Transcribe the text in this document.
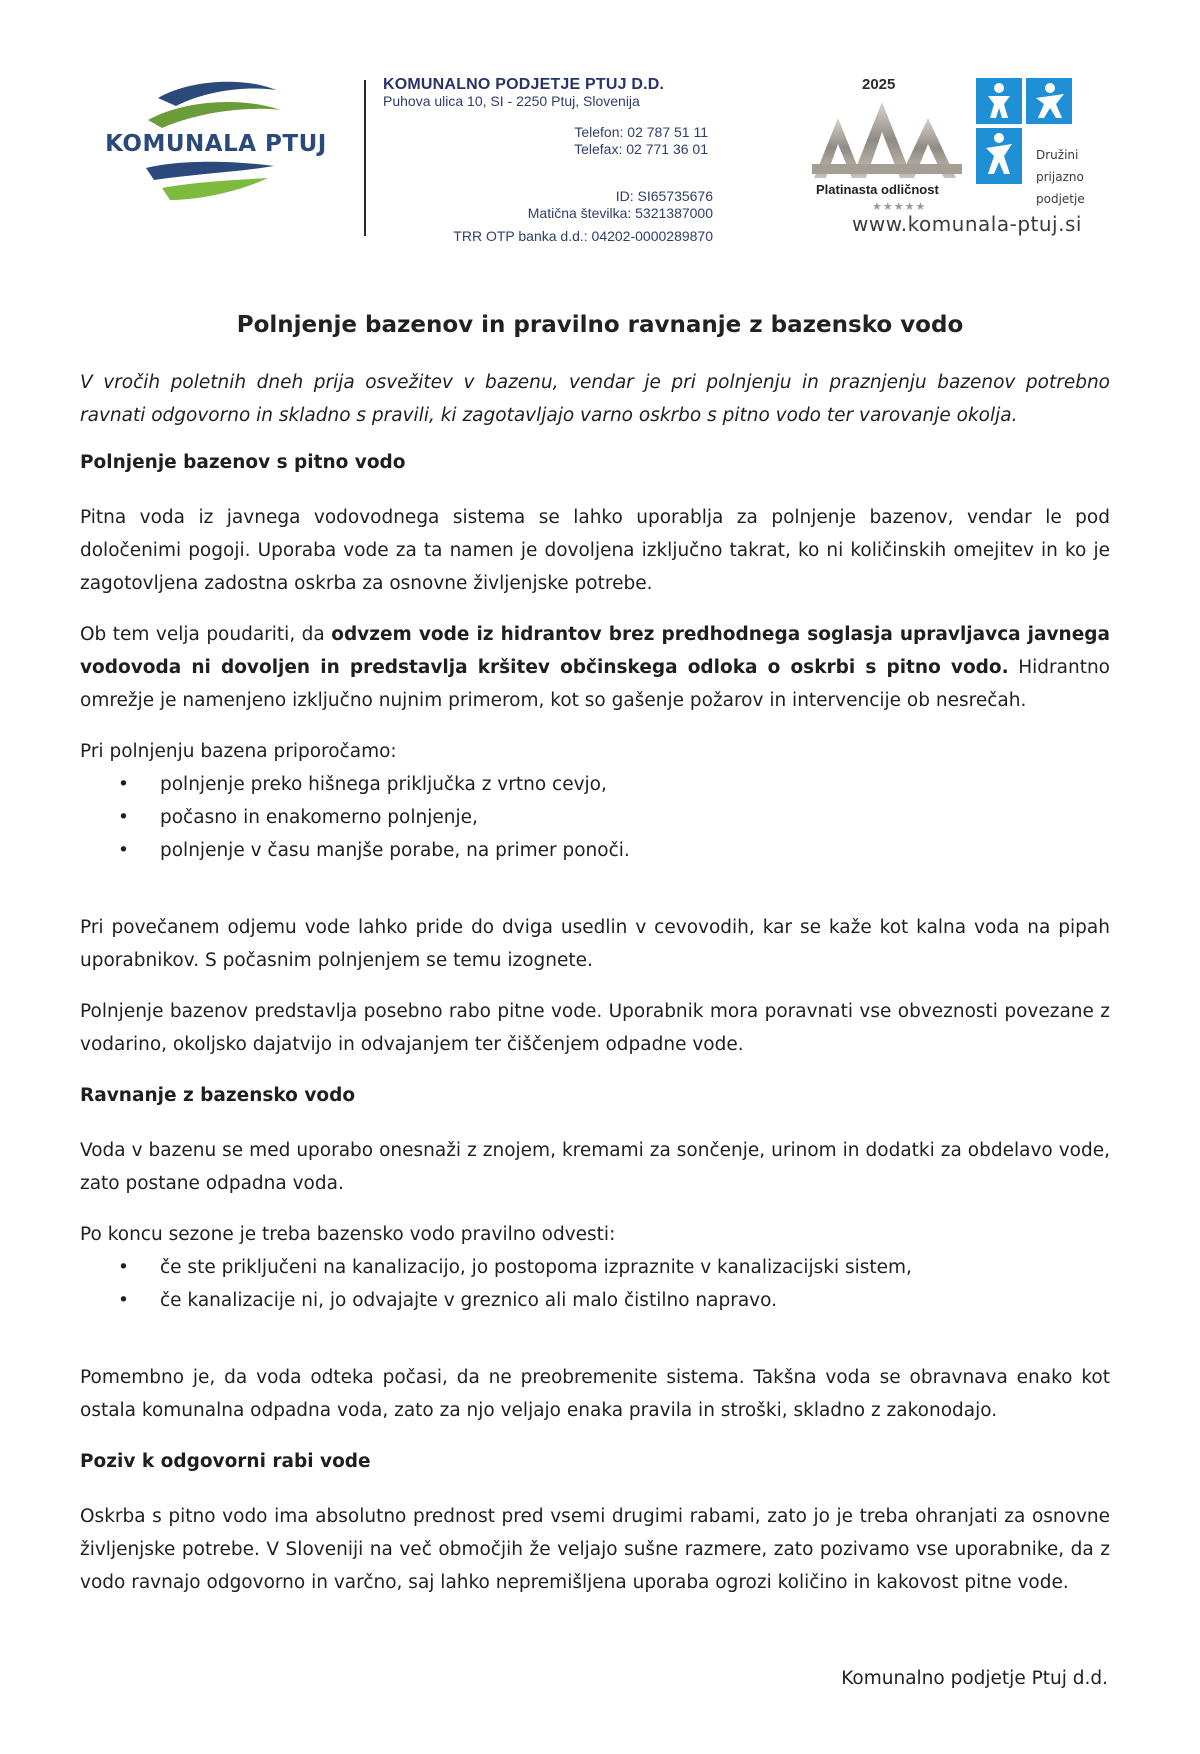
KOMUNALA PTUJ
KOMUNALNO PODJETJE PTUJ D.D.
Puhova ulica 10, SI - 2250 Ptuj, Slovenija
Telefon: 02 787 51 11
Telefax: 02 771 36 01
ID: SI65735676
Matična številka: 5321387000
TRR OTP banka d.d.: 04202-0000289870
2025
Platinasta odličnost
★★★★★
Družini
prijazno
podjetje
www.komunala-ptuj.si
Polnjenje bazenov in pravilno ravnanje z bazensko vodo

V vročih poletnih dneh prija osvežitev v bazenu, vendar je pri polnjenju in praznjenju bazenov potrebno ravnati odgovorno in skladno s pravili, ki zagotavljajo varno oskrbo s pitno vodo ter varovanje okolja.

Polnjenje bazenov s pitno vodo

Pitna voda iz javnega vodovodnega sistema se lahko uporablja za polnjenje bazenov, vendar le pod določenimi pogoji. Uporaba vode za ta namen je dovoljena izključno takrat, ko ni količinskih omejitev in ko je zagotovljena zadostna oskrba za osnovne življenjske potrebe.

Ob tem velja poudariti, da odvzem vode iz hidrantov brez predhodnega soglasja upravljavca javnega vodovoda ni dovoljen in predstavlja kršitev občinskega odloka o oskrbi s pitno vodo. Hidrantno omrežje je namenjeno izključno nujnim primerom, kot so gašenje požarov in intervencije ob nesrečah.

Pri polnjenju bazena priporočamo:

• polnjenje preko hišnega priključka z vrtno cevjo,
• počasno in enakomerno polnjenje,
• polnjenje v času manjše porabe, na primer ponoči.

Pri povečanem odjemu vode lahko pride do dviga usedlin v cevovodih, kar se kaže kot kalna voda na pipah uporabnikov. S počasnim polnjenjem se temu izognete.

Polnjenje bazenov predstavlja posebno rabo pitne vode. Uporabnik mora poravnati vse obveznosti povezane z vodarino, okoljsko dajatvijo in odvajanjem ter čiščenjem odpadne vode.

Ravnanje z bazensko vodo

Voda v bazenu se med uporabo onesnaži z znojem, kremami za sončenje, urinom in dodatki za obdelavo vode, zato postane odpadna voda.

Po koncu sezone je treba bazensko vodo pravilno odvesti:

• če ste priključeni na kanalizacijo, jo postopoma izpraznite v kanalizacijski sistem,
• če kanalizacije ni, jo odvajajte v greznico ali malo čistilno napravo.

Pomembno je, da voda odteka počasi, da ne preobremenite sistema. Takšna voda se obravnava enako kot ostala komunalna odpadna voda, zato za njo veljajo enaka pravila in stroški, skladno z zakonodajo.

Poziv k odgovorni rabi vode

Oskrba s pitno vodo ima absolutno prednost pred vsemi drugimi rabami, zato jo je treba ohranjati za osnovne življenjske potrebe. V Sloveniji na več območjih že veljajo sušne razmere, zato pozivamo vse uporabnike, da z vodo ravnajo odgovorno in varčno, saj lahko nepremišljena uporaba ogrozi količino in kakovost pitne vode.

Komunalno podjetje Ptuj d.d.
